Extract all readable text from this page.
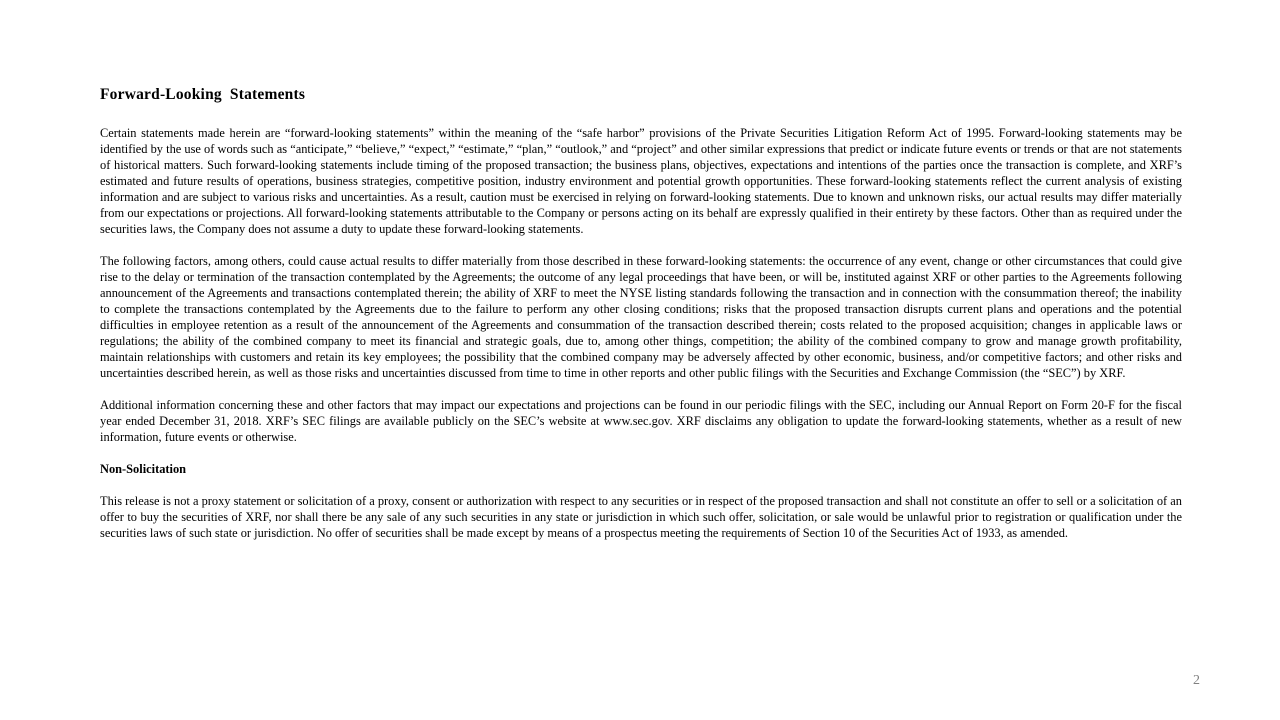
Forward-Looking Statements

Certain statements made herein are “forward-looking statements” within the meaning of the “safe harbor” provisions of the Private Securities Litigation Reform Act of 1995. Forward-looking statements may be identified by the use of words such as “anticipate,” “believe,” “expect,” “estimate,” “plan,” “outlook,” and “project” and other similar expressions that predict or indicate future events or trends or that are not statements of historical matters. Such forward-looking statements include timing of the proposed transaction; the business plans, objectives, expectations and intentions of the parties once the transaction is complete, and XRF’s estimated and future results of operations, business strategies, competitive position, industry environment and potential growth opportunities. These forward-looking statements reflect the current analysis of existing information and are subject to various risks and uncertainties. As a result, caution must be exercised in relying on forward-looking statements. Due to known and unknown risks, our actual results may differ materially from our expectations or projections. All forward-looking statements attributable to the Company or persons acting on its behalf are expressly qualified in their entirety by these factors. Other than as required under the securities laws, the Company does not assume a duty to update these forward-looking statements.

The following factors, among others, could cause actual results to differ materially from those described in these forward-looking statements: the occurrence of any event, change or other circumstances that could give rise to the delay or termination of the transaction contemplated by the Agreements; the outcome of any legal proceedings that have been, or will be, instituted against XRF or other parties to the Agreements following announcement of the Agreements and transactions contemplated therein; the ability of XRF to meet the NYSE listing standards following the transaction and in connection with the consummation thereof; the inability to complete the transactions contemplated by the Agreements due to the failure to perform any other closing conditions; risks that the proposed transaction disrupts current plans and operations and the potential difficulties in employee retention as a result of the announcement of the Agreements and consummation of the transaction described therein; costs related to the proposed acquisition; changes in applicable laws or regulations; the ability of the combined company to meet its financial and strategic goals, due to, among other things, competition; the ability of the combined company to grow and manage growth profitability, maintain relationships with customers and retain its key employees; the possibility that the combined company may be adversely affected by other economic, business, and/or competitive factors; and other risks and uncertainties described herein, as well as those risks and uncertainties discussed from time to time in other reports and other public filings with the Securities and Exchange Commission (the “SEC”) by XRF.

Additional information concerning these and other factors that may impact our expectations and projections can be found in our periodic filings with the SEC, including our Annual Report on Form 20-F for the fiscal year ended December 31, 2018. XRF’s SEC filings are available publicly on the SEC’s website at www.sec.gov. XRF disclaims any obligation to update the forward-looking statements, whether as a result of new information, future events or otherwise.

Non-Solicitation

This release is not a proxy statement or solicitation of a proxy, consent or authorization with respect to any securities or in respect of the proposed transaction and shall not constitute an offer to sell or a solicitation of an offer to buy the securities of XRF, nor shall there be any sale of any such securities in any state or jurisdiction in which such offer, solicitation, or sale would be unlawful prior to registration or qualification under the securities laws of such state or jurisdiction. No offer of securities shall be made except by means of a prospectus meeting the requirements of Section 10 of the Securities Act of 1933, as amended.

2
